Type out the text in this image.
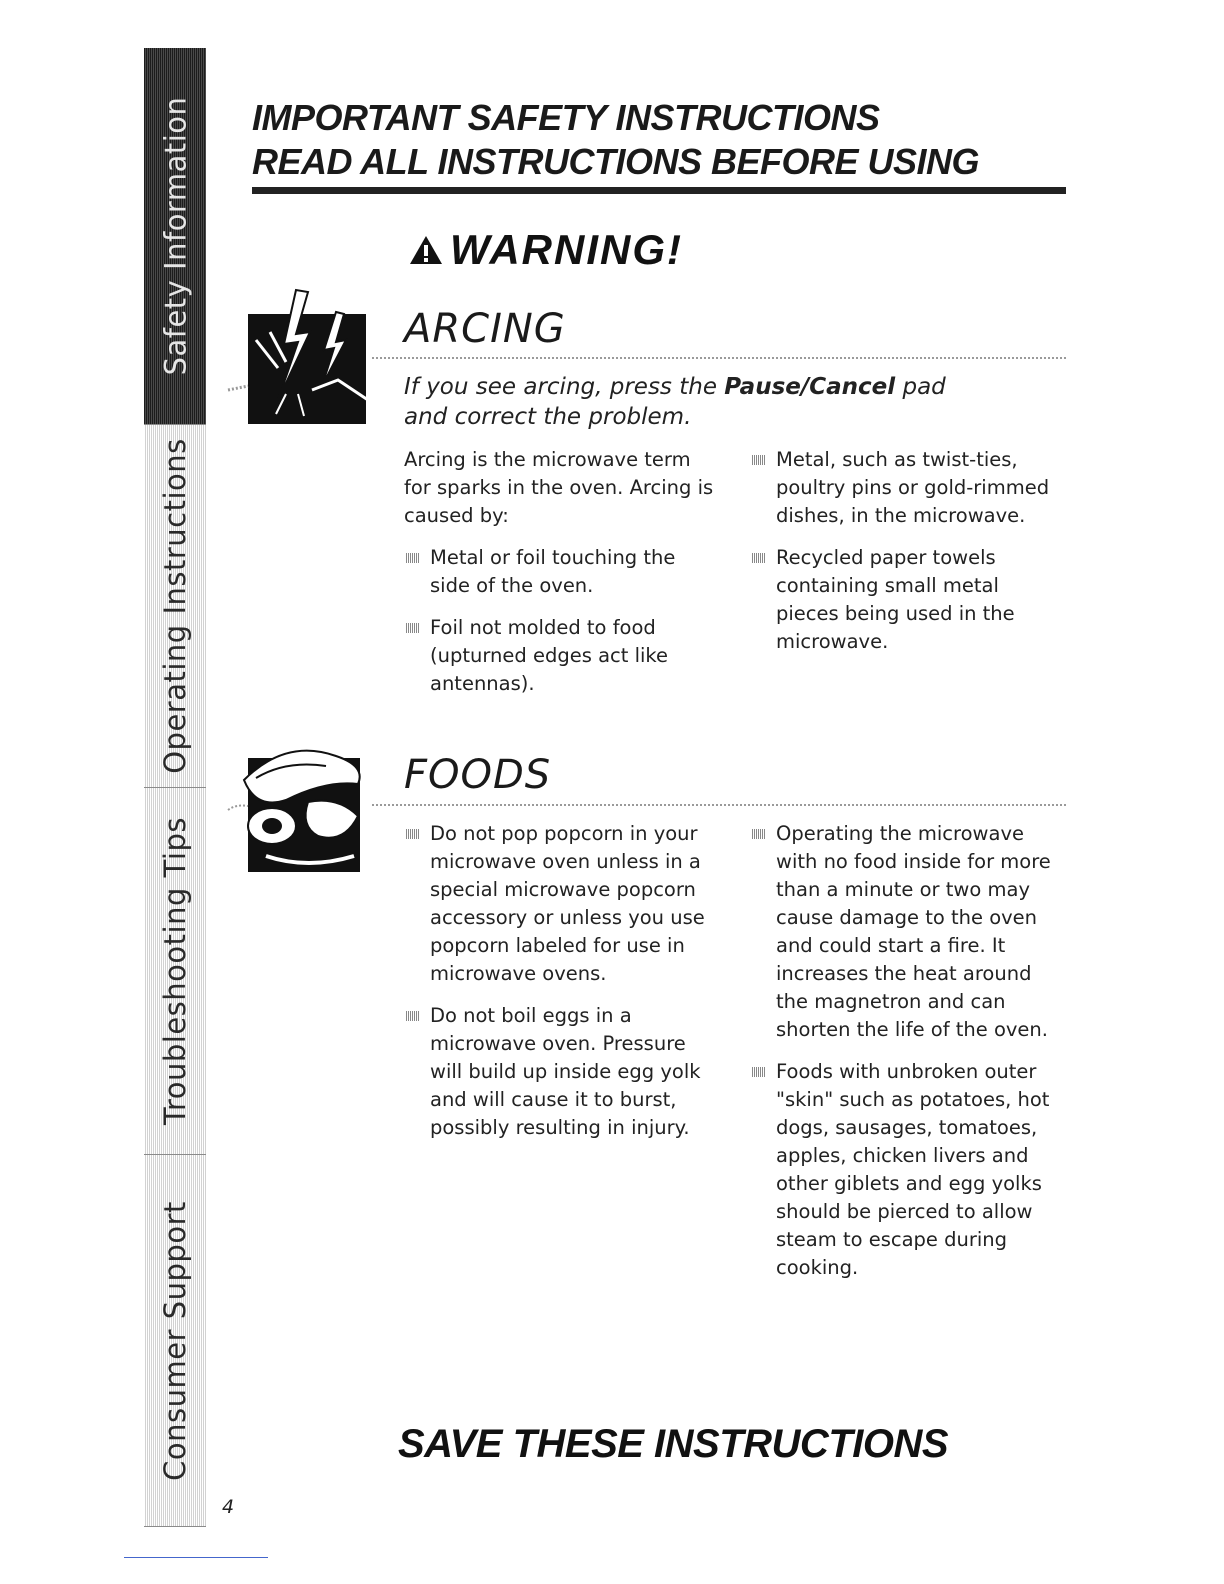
Safety Information
Operating Instructions
Troubleshooting Tips
Consumer Support
IMPORTANT SAFETY INSTRUCTIONS
READ ALL INSTRUCTIONS BEFORE USING
WARNING!
ARCING

If you see arcing, press the Pause/Cancel pad
and correct the problem.

Arcing is the microwave term for sparks in the oven. Arcing is caused by:

Metal or foil touching the side of the oven.
Foil not molded to food (upturned edges act like antennas).
Metal, such as twist-ties, poultry pins or gold-rimmed dishes, in the microwave.
Recycled paper towels containing small metal pieces being used in the microwave.
FOODS
Do not pop popcorn in your microwave oven unless in a special microwave popcorn accessory or unless you use popcorn labeled for use in microwave ovens.
Do not boil eggs in a microwave oven. Pressure will build up inside egg yolk and will cause it to burst, possibly resulting in injury.
Operating the microwave with no food inside for more than a minute or two may cause damage to the oven and could start a fire. It increases the heat around the magnetron and can shorten the life of the oven.
Foods with unbroken outer "skin" such as potatoes, hot dogs, sausages, tomatoes, apples, chicken livers and other giblets and egg yolks should be pierced to allow steam to escape during cooking.
SAVE THESE INSTRUCTIONS
4
